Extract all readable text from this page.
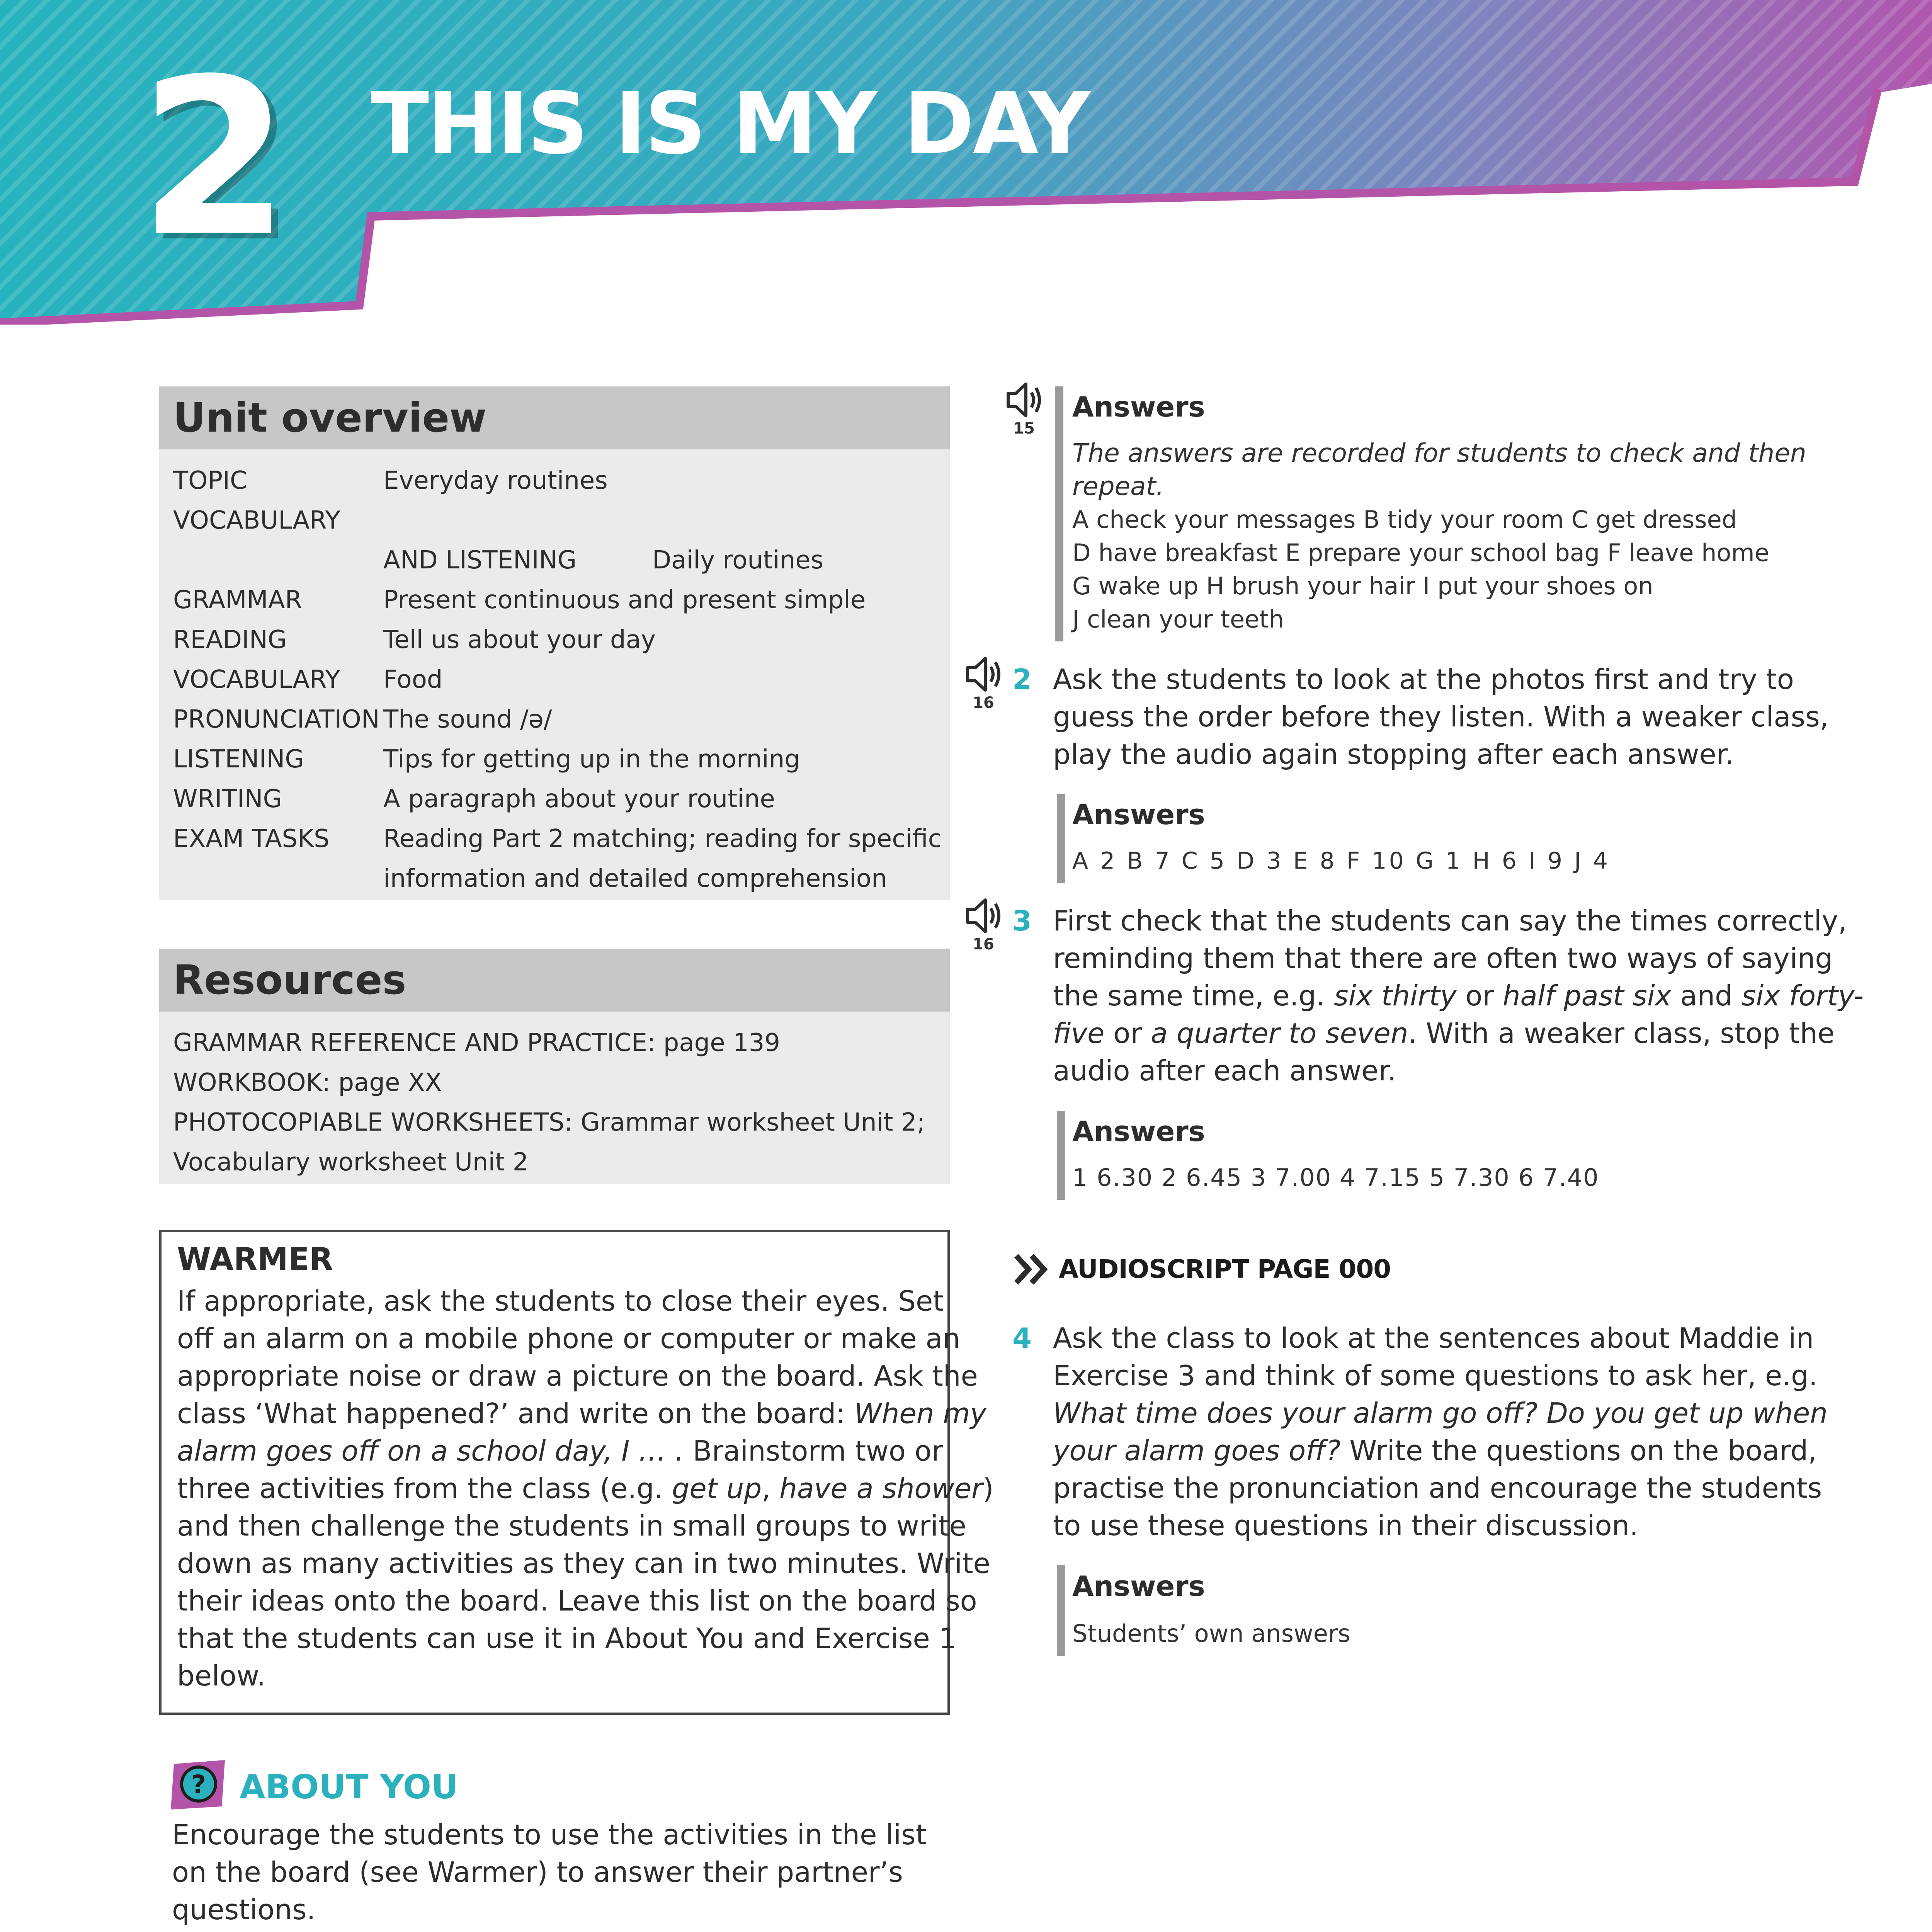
2 THIS IS MY DAY
Unit overview
TOPIC	Everyday routines
VOCABULARY
AND LISTENING	Daily routines
GRAMMAR	Present continuous and present simple
READING	Tell us about your day
VOCABULARY Food
PRONUNCIATION The sound /ə/
LISTENING	Tips for getting up in the morning
WRITING	A paragraph about your routine
EXAM TASKS Reading Part 2 matching; reading for specific
information and detailed comprehension
Resources
GRAMMAR REFERENCE AND PRACTICE: page 139
WORKBOOK: page XX
PHOTOCOPIABLE WORKSHEETS: Grammar worksheet Unit 2;
Vocabulary worksheet Unit 2
WARMER
If appropriate, ask the students to close their eyes. Set
off an alarm on a mobile phone or computer or make an
appropriate noise or draw a picture on the board. Ask the
class ‘What happened?’ and write on the board: When my
alarm goes off on a school day, I … . Brainstorm two or
three activities from the class (e.g. get up, have a shower)
and then challenge the students in small groups to write
down as many activities as they can in two minutes. Write
their ideas onto the board. Leave this list on the board so
that the students can use it in About You and Exercise 1
below.
? ABOUT YOU
Encourage the students to use the activities in the list
on the board (see Warmer) to answer their partner’s
questions.
15
Answers
The answers are recorded for students to check and then
repeat.
A check your messages B tidy your room C get dressed
D have breakfast E prepare your school bag F leave home
G wake up H brush your hair I put your shoes on
J clean your teeth
16
2 Ask the students to look at the photos first and try to
guess the order before they listen. With a weaker class,
play the audio again stopping after each answer.
Answers
A 2 B 7 C 5 D 3 E 8 F 10 G 1 H 6 I 9 J 4
16
3 First check that the students can say the times correctly,
reminding them that there are often two ways of saying
the same time, e.g. six thirty or half past six and six forty-
five or a quarter to seven. With a weaker class, stop the
audio after each answer.
Answers
1 6.30 2 6.45 3 7.00 4 7.15 5 7.30 6 7.40
AUDIOSCRIPT PAGE 000
4 Ask the class to look at the sentences about Maddie in
Exercise 3 and think of some questions to ask her, e.g.
What time does your alarm go off? Do you get up when
your alarm goes off? Write the questions on the board,
practise the pronunciation and encourage the students
to use these questions in their discussion.
Answers
Students’ own answers
